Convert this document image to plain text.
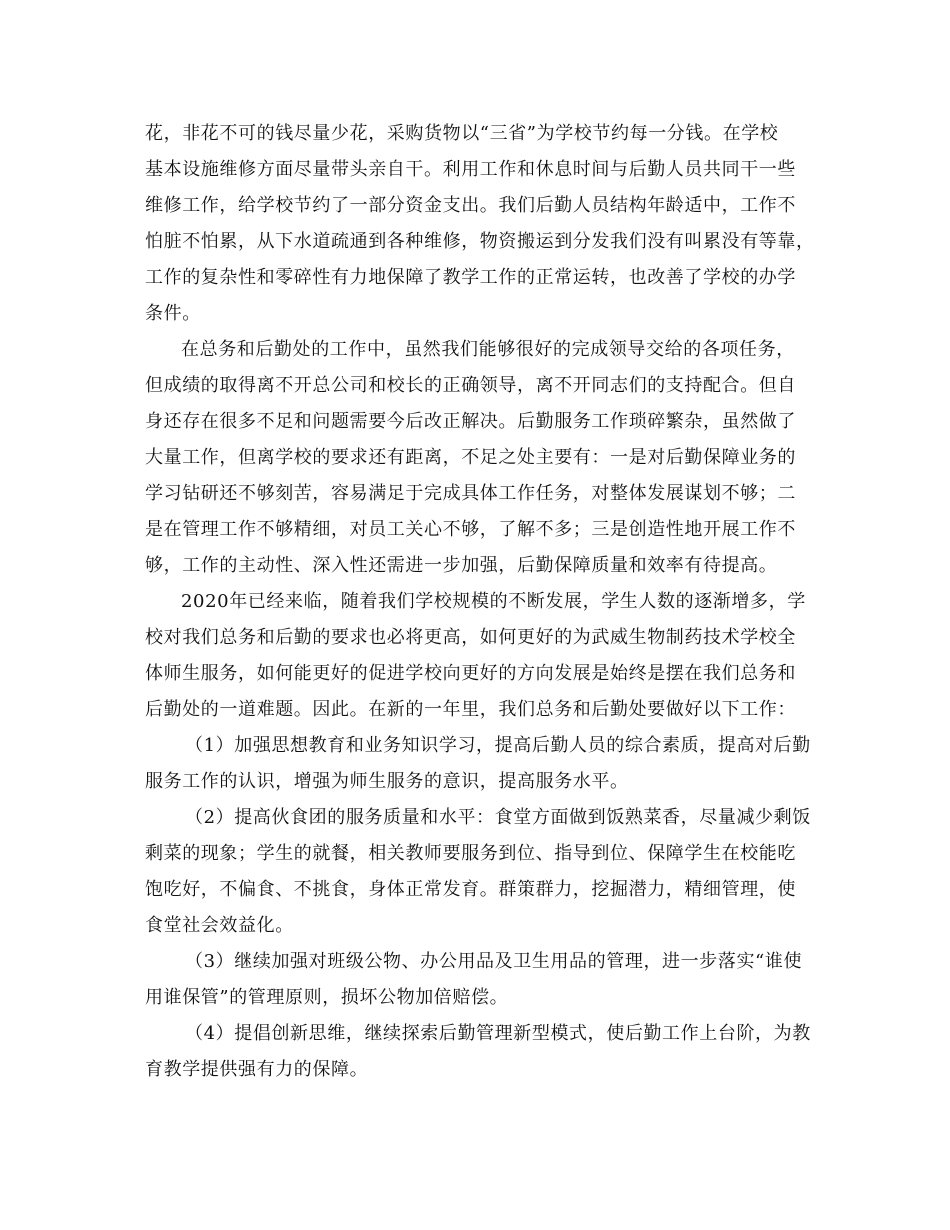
花，非花不可的钱尽量少花，采购货物以“三省”为学校节约每一分钱。在学校
基本设施维修方面尽量带头亲自干。利用工作和休息时间与后勤人员共同干一些
维修工作，给学校节约了一部分资金支出。我们后勤人员结构年龄适中，工作不
怕脏不怕累，从下水道疏通到各种维修，物资搬运到分发我们没有叫累没有等靠，
工作的复杂性和零碎性有力地保障了教学工作的正常运转，也改善了学校的办学
条件。
在总务和后勤处的工作中，虽然我们能够很好的完成领导交给的各项任务，
但成绩的取得离不开总公司和校长的正确领导，离不开同志们的支持配合。但自
身还存在很多不足和问题需要今后改正解决。后勤服务工作琐碎繁杂，虽然做了
大量工作，但离学校的要求还有距离，不足之处主要有：一是对后勤保障业务的
学习钻研还不够刻苦，容易满足于完成具体工作任务，对整体发展谋划不够；二
是在管理工作不够精细，对员工关心不够，了解不多；三是创造性地开展工作不
够，工作的主动性、深入性还需进一步加强，后勤保障质量和效率有待提高。
2020年已经来临，随着我们学校规模的不断发展，学生人数的逐渐增多，学
校对我们总务和后勤的要求也必将更高，如何更好的为武威生物制药技术学校全
体师生服务，如何能更好的促进学校向更好的方向发展是始终是摆在我们总务和
后勤处的一道难题。因此。在新的一年里，我们总务和后勤处要做好以下工作：
（1）加强思想教育和业务知识学习，提高后勤人员的综合素质，提高对后勤
服务工作的认识，增强为师生服务的意识，提高服务水平。
（2）提高伙食团的服务质量和水平：食堂方面做到饭熟菜香，尽量减少剩饭
剩菜的现象；学生的就餐，相关教师要服务到位、指导到位、保障学生在校能吃
饱吃好，不偏食、不挑食，身体正常发育。群策群力，挖掘潜力，精细管理，使
食堂社会效益化。
（3）继续加强对班级公物、办公用品及卫生用品的管理，进一步落实“谁使
用谁保管”的管理原则，损坏公物加倍赔偿。
（4）提倡创新思维，继续探索后勤管理新型模式，使后勤工作上台阶，为教
育教学提供强有力的保障。
